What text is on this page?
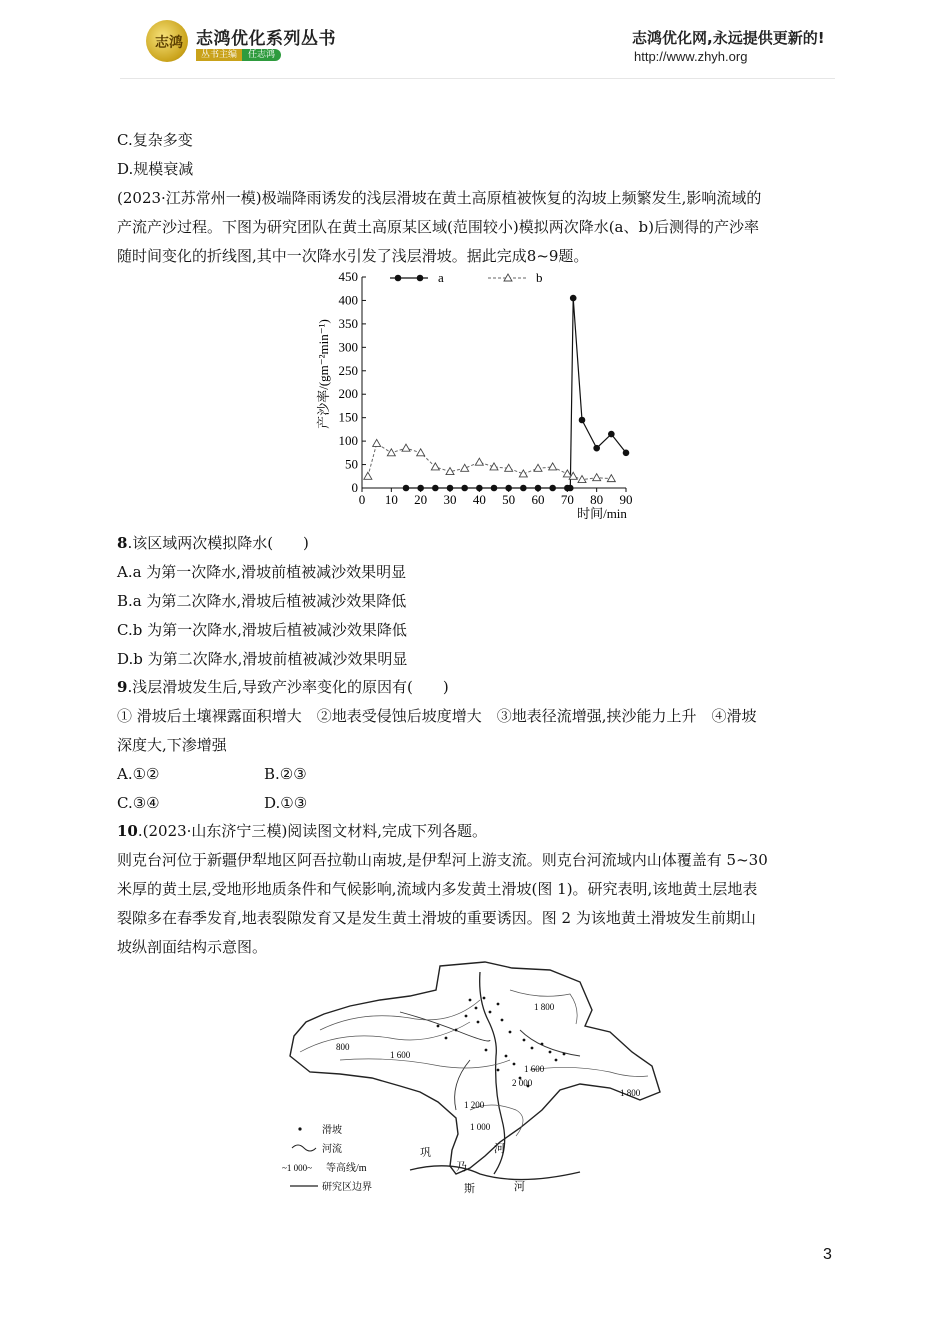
志鸿 志鸿优化系列丛书
丛书主编	任志鸿
志鸿优化网,永远提供更新的!
http://www.zhyh.org
C.复杂多变
D.规模衰减
(2023·江苏常州一模)极端降雨诱发的浅层滑坡在黄土高原植被恢复的沟坡上频繁发生,影响流域的
产流产沙过程。下图为研究团队在黄土高原某区域(范围较小)模拟两次降水(a、b)后测得的产沙率
随时间变化的折线图,其中一次降水引发了浅层滑坡。据此完成8~9题。
0
50
100
150
200
250
300
350
400
450
0 10 20 30 40 50 60 70 80 90
a	b
时间/min
产沙率/(gm⁻²min⁻¹)
8.该区域两次模拟降水(　　)
A.a 为第一次降水,滑坡前植被减沙效果明显
B.a 为第二次降水,滑坡后植被减沙效果降低
C.b 为第一次降水,滑坡后植被减沙效果降低
D.b 为第二次降水,滑坡前植被减沙效果明显
9.浅层滑坡发生后,导致产沙率变化的原因有(　　)
① 滑坡后土壤裸露面积增大　②地表受侵蚀后坡度增大　③地表径流增强,挟沙能力上升　④滑坡
深度大,下渗增强
A.①②	B.②③
C.③④	D.①③
10.(2023·山东济宁三模)阅读图文材料,完成下列各题。
则克台河位于新疆伊犁地区阿吾拉勒山南坡,是伊犁河上游支流。则克台河流域内山体覆盖有 5~30
米厚的黄土层,受地形地质条件和气候影响,流域内多发黄土滑坡(图 1)。研究表明,该地黄土层地表
裂隙多在春季发育,地表裂隙发育又是发生黄土滑坡的重要诱因。图 2 为该地黄土滑坡发生前期山
坡纵剖面结构示意图。
1 800
1 800
1 600
1 600
2 000
1 200
1 000
800
河
巩
乃
斯	河
滑坡
河流
~1 000~ 等高线/m
研究区边界
3
